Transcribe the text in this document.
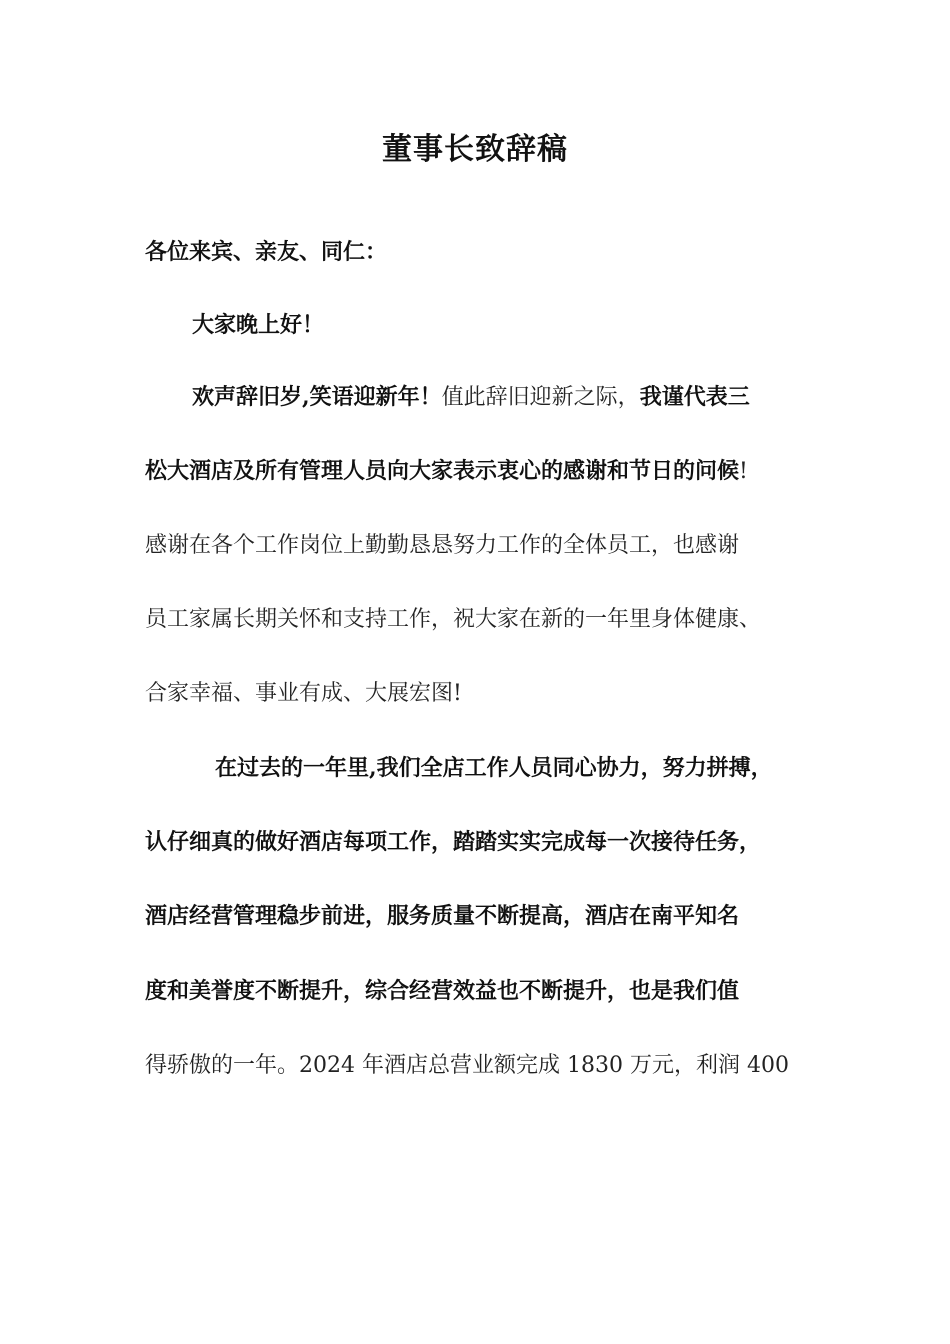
董事长致辞稿
各位来宾、亲友、同仁：
大家晚上好！
欢声辞旧岁,笑语迎新年！值此辞旧迎新之际，我谨代表三
松大酒店及所有管理人员向大家表示衷心的感谢和节日的问候!
感谢在各个工作岗位上勤勤恳恳努力工作的全体员工，也感谢
员工家属长期关怀和支持工作，祝大家在新的一年里身体健康、
合家幸福、事业有成、大展宏图!
在过去的一年里,我们全店工作人员同心协力，努力拼搏，
认仔细真的做好酒店每项工作，踏踏实实完成每一次接待任务，
酒店经营管理稳步前进，服务质量不断提高，酒店在南平知名
度和美誉度不断提升，综合经营效益也不断提升，也是我们值
得骄傲的一年。2024 年酒店总营业额完成 1830 万元，利润 400
